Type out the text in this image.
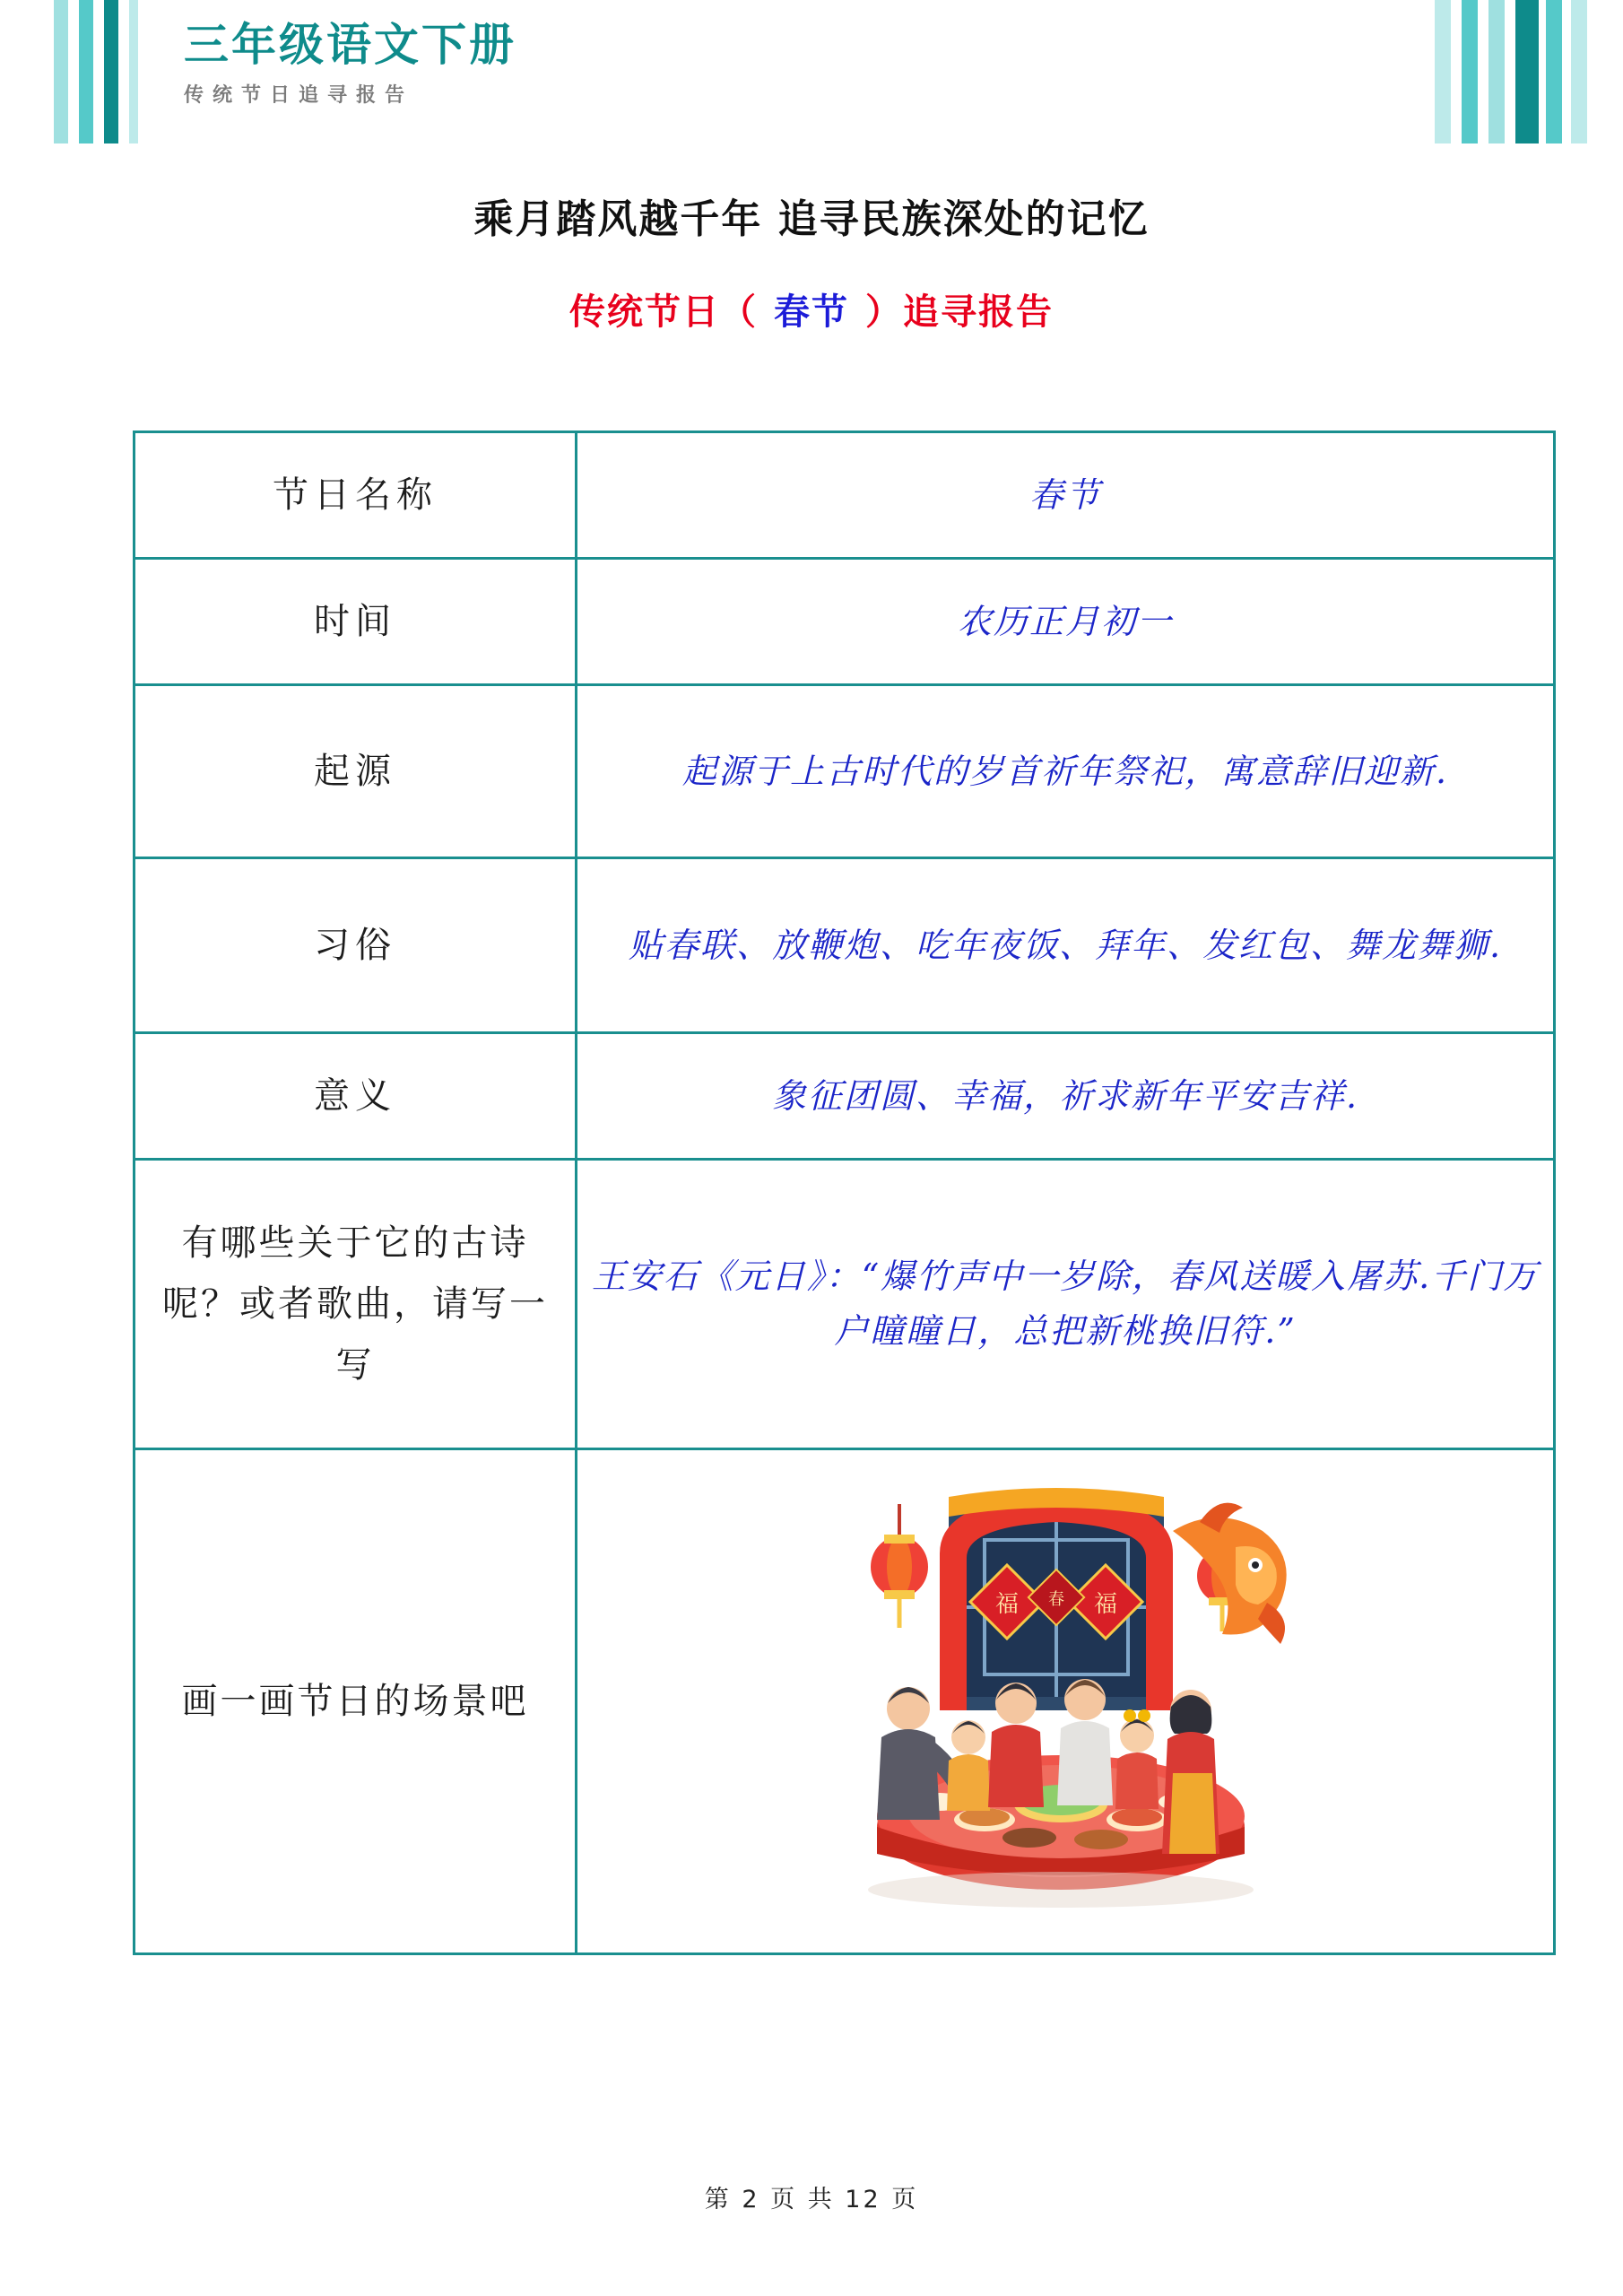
三年级语文下册
传统节日追寻报告
乘月踏风越千年 追寻民族深处的记忆
传统节日（ 春节 ）追寻报告
节日名称	春节

时间	农历正月初一

起源	起源于上古时代的岁首祈年祭祀，寓意辞旧迎新.

习俗	贴春联、放鞭炮、吃年夜饭、拜年、发红包、舞龙舞狮.

意义	象征团圆、幸福，祈求新年平安吉祥.

有哪些关于它的古诗呢？或者歌曲，请写一写	王安石《元日》：“爆竹声中一岁除，春风送暖入屠苏.千门万户瞳瞳日，总把新桃换旧符.”

画一画节日的场景吧	福 福
春
第 2 页 共 12 页
